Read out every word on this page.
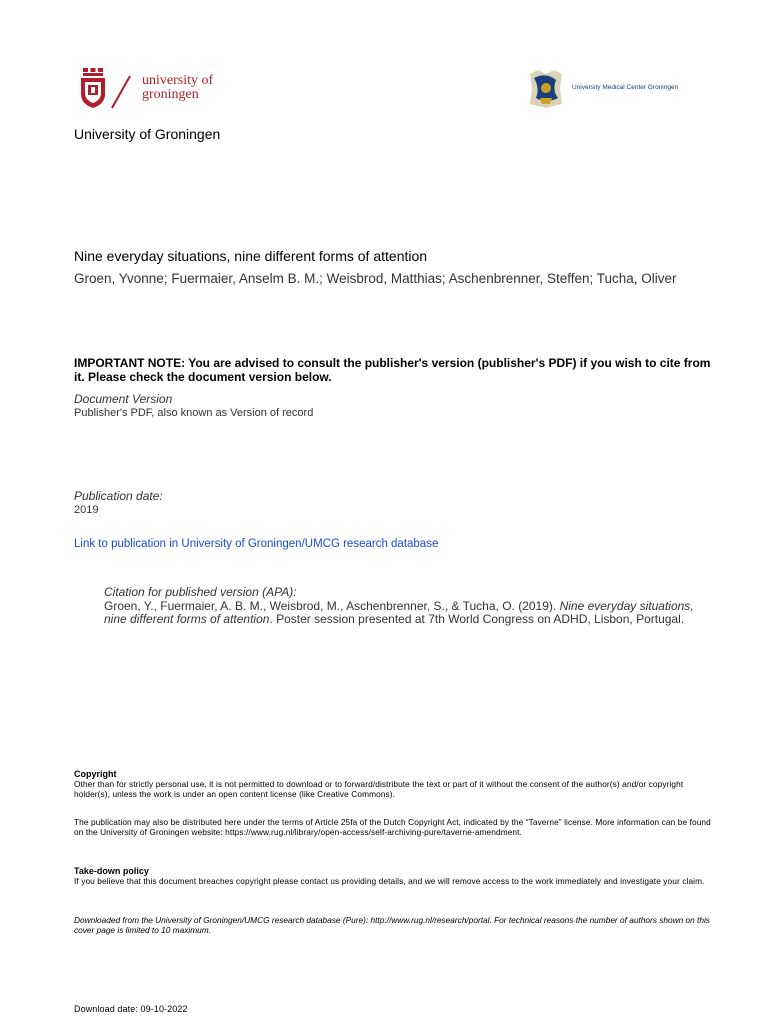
university of
groningen	University Medical Center Groningen
University of Groningen
Nine everyday situations, nine different forms of attention
Groen, Yvonne; Fuermaier, Anselm B. M.; Weisbrod, Matthias; Aschenbrenner, Steffen; Tucha, Oliver
IMPORTANT NOTE: You are advised to consult the publisher's version (publisher's PDF) if you wish to cite from it. Please check the document version below.
Document Version
Publisher's PDF, also known as Version of record
Publication date:
2019
Link to publication in University of Groningen/UMCG research database
Citation for published version (APA):
Groen, Y., Fuermaier, A. B. M., Weisbrod, M., Aschenbrenner, S., & Tucha, O. (2019). Nine everyday situations, nine different forms of attention. Poster session presented at 7th World Congress on ADHD, Lisbon, Portugal.
Copyright
Other than for strictly personal use, it is not permitted to download or to forward/distribute the text or part of it without the consent of the author(s) and/or copyright holder(s), unless the work is under an open content license (like Creative Commons).
The publication may also be distributed here under the terms of Article 25fa of the Dutch Copyright Act, indicated by the “Taverne” license. More information can be found on the University of Groningen website: https://www.rug.nl/library/open-access/self-archiving-pure/taverne-amendment.
Take-down policy
If you believe that this document breaches copyright please contact us providing details, and we will remove access to the work immediately and investigate your claim.
Downloaded from the University of Groningen/UMCG research database (Pure): http://www.rug.nl/research/portal. For technical reasons the number of authors shown on this cover page is limited to 10 maximum.
Download date: 09-10-2022
